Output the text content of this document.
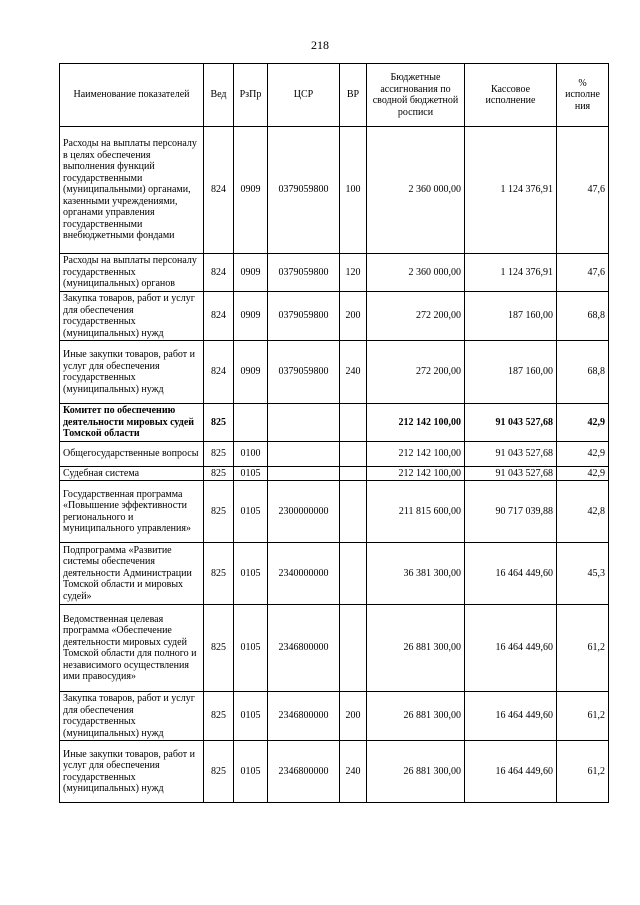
218
Наименование показателей	Вед	РзПр	ЦСР	ВР	Бюджетные ассигнования по сводной бюджетной росписи	Кассовое исполнение	% исполне ния
Расходы на выплаты персоналу в целях обеспечения выполнения функций государственными (муниципальными) органами, казенными учреждениями, органами управления государственными внебюджетными фондами	824	0909	0379059800	100	2 360 000,00	1 124 376,91	47,6
Расходы на выплаты персоналу государственных (муниципальных) органов	824	0909	0379059800	120	2 360 000,00	1 124 376,91	47,6
Закупка товаров, работ и услуг для обеспечения государственных (муниципальных) нужд	824	0909	0379059800	200	272 200,00	187 160,00	68,8
Иные закупки товаров, работ и услуг для обеспечения государственных (муниципальных) нужд	824	0909	0379059800	240	272 200,00	187 160,00	68,8
Комитет по обеспечению деятельности мировых судей Томской области	825				212 142 100,00	91 043 527,68	42,9
Общегосударственные вопросы	825	0100			212 142 100,00	91 043 527,68	42,9
Судебная система	825	0105			212 142 100,00	91 043 527,68	42,9
Государственная программа «Повышение эффективности регионального и муниципального управления»	825	0105	2300000000		211 815 600,00	90 717 039,88	42,8
Подпрограмма «Развитие системы обеспечения деятельности Администрации Томской области и мировых судей»	825	0105	2340000000		36 381 300,00	16 464 449,60	45,3
Ведомственная целевая программа «Обеспечение деятельности мировых судей Томской области для полного и независимого осуществления ими правосудия»	825	0105	2346800000		26 881 300,00	16 464 449,60	61,2
Закупка товаров, работ и услуг для обеспечения государственных (муниципальных) нужд	825	0105	2346800000	200	26 881 300,00	16 464 449,60	61,2
Иные закупки товаров, работ и услуг для обеспечения государственных (муниципальных) нужд	825	0105	2346800000	240	26 881 300,00	16 464 449,60	61,2
